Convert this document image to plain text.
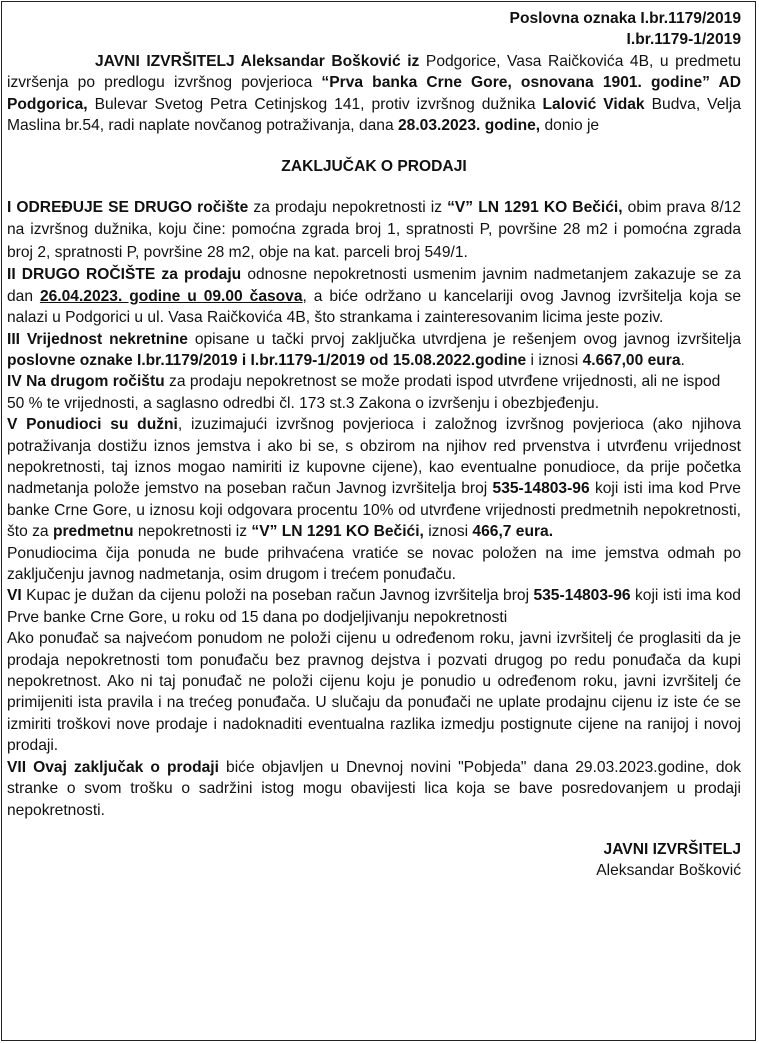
Poslovna oznaka I.br.1179/2019

I.br.1179-1/2019

JAVNI IZVRŠITELJ Aleksandar Bošković iz Podgorice, Vasa Raičkovića 4B, u predmetu izvršenja po predlogu izvršnog povjerioca “Prva banka Crne Gore, osnovana 1901. godine” AD Podgorica, Bulevar Svetog Petra Cetinjskog 141, protiv izvršnog dužnika Lalović Vidak Budva, Velja Maslina br.54, radi naplate novčanog potraživanja, dana 28.03.2023. godine, donio je

ZAKLJUČAK O PRODAJI

I ODREĐUJE SE DRUGO ročište za prodaju nepokretnosti iz “V” LN 1291 KO Bečići, obim prava 8/12 na izvršnog dužnika, koju čine: pomoćna zgrada broj 1, spratnosti P, površine 28 m2 i pomoćna zgrada broj 2, spratnosti P, površine 28 m2, obje na kat. parceli broj 549/1.

II DRUGO ROČIŠTE za prodaju odnosne nepokretnosti usmenim javnim nadmetanjem zakazuje se za dan 26.04.2023. godine u 09.00 časova, a biće održano u kancelariji ovog Javnog izvršitelja koja se nalazi u Podgorici u ul. Vasa Raičkovića 4B, što strankama i zainteresovanim licima jeste poziv.

III Vrijednost nekretnine opisane u tački prvoj zaključka utvrdjena je rešenjem ovog javnog izvršitelja poslovne oznake I.br.1179/2019 i I.br.1179-1/2019 od 15.08.2022.godine i iznosi 4.667,00 eura.

IV Na drugom ročištu za prodaju nepokretnost se može prodati ispod utvrđene vrijednosti, ali ne ispod 50 % te vrijednosti, a saglasno odredbi čl. 173 st.3 Zakona o izvršenju i obezbjeđenju.

V Ponudioci su dužni, izuzimajući izvršnog povjerioca i založnog izvršnog povjerioca (ako njihova potraživanja dostižu iznos jemstva i ako bi se, s obzirom na njihov red prvenstva i utvrđenu vrijednost nepokretnosti, taj iznos mogao namiriti iz kupovne cijene), kao eventualne ponudioce, da prije početka nadmetanja polože jemstvo na poseban račun Javnog izvršitelja broj 535-14803-96 koji isti ima kod Prve banke Crne Gore, u iznosu koji odgovara procentu 10% od utvrđene vrijednosti predmetnih nepokretnosti, što za predmetnu nepokretnosti iz “V” LN 1291 KO Bečići, iznosi 466,7 eura.

Ponudiocima čija ponuda ne bude prihvaćena vratiće se novac položen na ime jemstva odmah po zaključenju javnog nadmetanja, osim drugom i trećem ponuđaču.

VI Kupac je dužan da cijenu položi na poseban račun Javnog izvršitelja broj 535-14803-96 koji isti ima kod Prve banke Crne Gore, u roku od 15 dana po dodjeljivanju nepokretnosti

Ako ponuđač sa najvećom ponudom ne položi cijenu u određenom roku, javni izvršitelj će proglasiti da je prodaja nepokretnosti tom ponuđaču bez pravnog dejstva i pozvati drugog po redu ponuđača da kupi nepokretnost. Ako ni taj ponuđač ne položi cijenu koju je ponudio u određenom roku, javni izvršitelj će primijeniti ista pravila i na trećeg ponuđača. U slučaju da ponuđači ne uplate prodajnu cijenu iz iste će se izmiriti troškovi nove prodaje i nadoknaditi eventualna razlika izmedju postignute cijene na ranijoj i novoj prodaji.

VII Ovaj zaključak o prodaji biće objavljen u Dnevnoj novini "Pobjeda" dana 29.03.2023.godine, dok stranke o svom trošku o sadržini istog mogu obavijesti lica koja se bave posredovanjem u prodaji nepokretnosti.

JAVNI IZVRŠITELJ

Aleksandar Bošković
